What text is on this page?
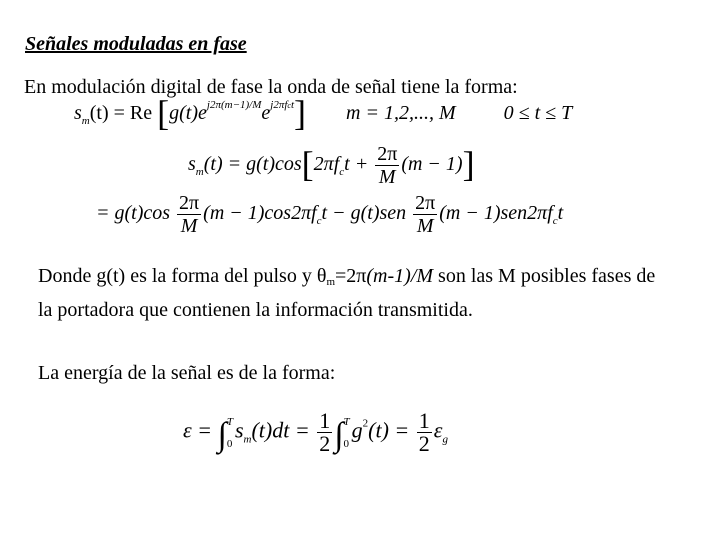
Señales moduladas en fase
En modulación digital de fase la onda de señal tiene la forma:
$s_m(t) = Re$ $[g(t)e^{j2\pi(m-1)/M}e^{j2\pi fct}] m = 1,2$,..., M 0 ≤ t ≤ T
$s_m(t) = g(t)\cos[2\pi f_ct + \frac{2\pi}{M} (m - 1)]$
= $g(t)\cos \frac{2\pi}{M} (m - 1)\cos 2\pi f_ct - g(t)sen \frac{2\pi}{M} (m - 1)sen2\pi f_ct$
Donde g(t) es la forma del pulso y θm=2π(m-1)/M son las M posibles fases de la portadora que contienen la información transmitida.
La energía de la señal es de la forma:
ε = ∫ T
0
$s_m(t)dt = \frac{1}{2}$ ∫ T
0
$g^2(t) = \frac{1}{2} \varepsilon_g$
